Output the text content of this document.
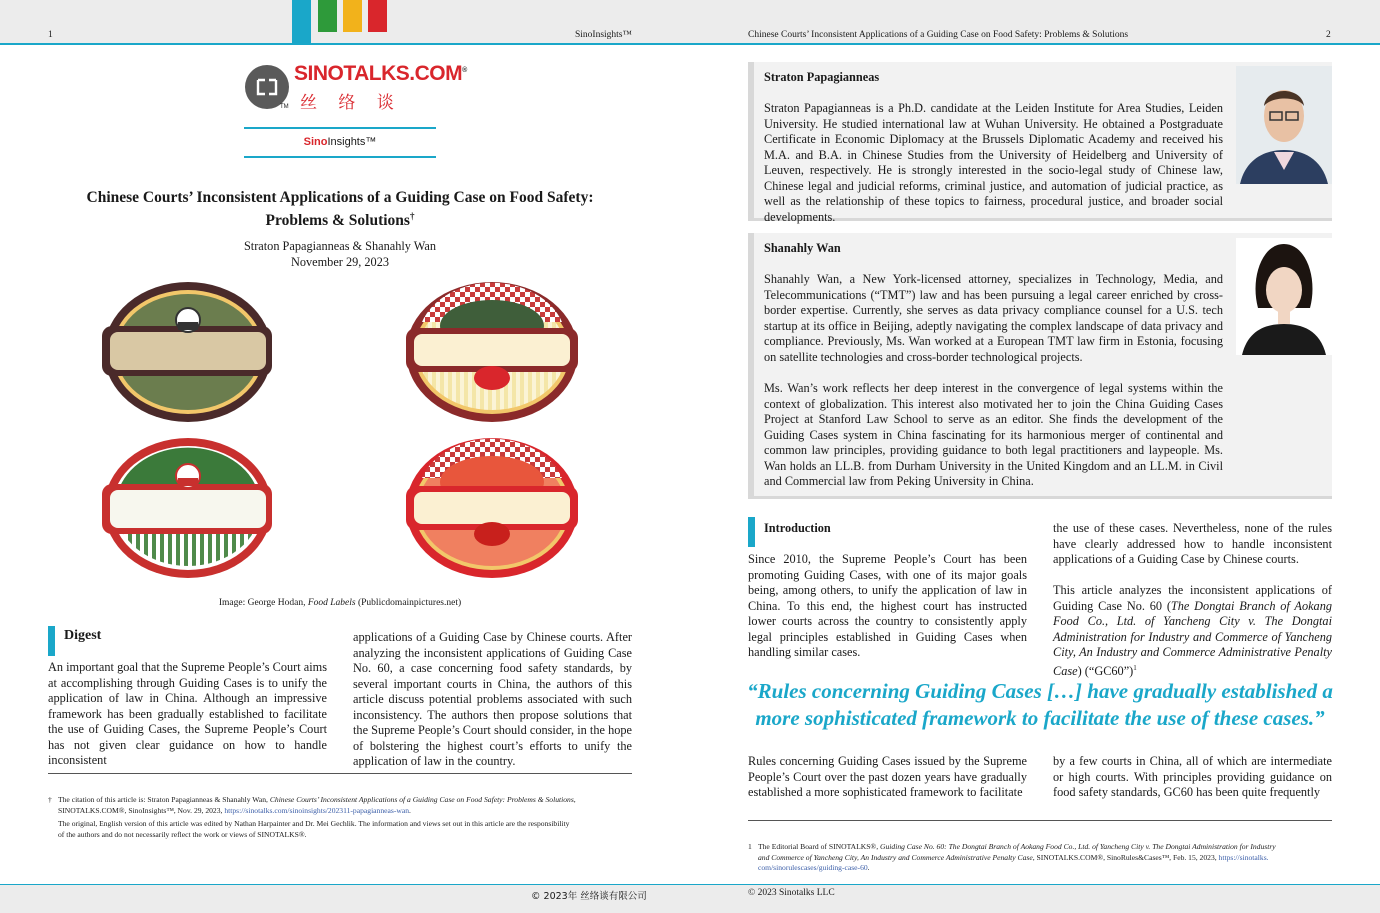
1	SinoInsights™	Chinese Courts’ Inconsistent Applications of a Guiding Case on Food Safety: Problems & Solutions	2
SINOTALKS.COM®
丝 络 谈
TM
SinoInsights™
Chinese Courts’ Inconsistent Applications of a Guiding Case on Food Safety:
Problems & Solutions†
Straton Papagianneas & Shanahly Wan
November 29, 2023
Image: George Hodan, Food Labels (Publicdomainpictures.net)
Digest
An important goal that the Supreme People’s Court aims at accomplishing through Guiding Cases is to unify the application of law in China. Although an impressive framework has been gradually established to facilitate the use of Guiding Cases, the Supreme People’s Court has not given clear guidance on how to handle inconsistent
applications of a Guiding Case by Chinese courts. After analyzing the inconsistent applications of Guiding Case No. 60, a case concerning food safety standards, by several important courts in China, the authors of this article discuss potential problems associated with such inconsistency. The authors then propose solutions that the Supreme People’s Court should consider, in the hope of bolstering the highest court’s efforts to unify the application of law in the country.
† The citation of this article is: Straton Papagianneas & Shanahly Wan, Chinese Courts’ Inconsistent Applications of a Guiding Case on Food Safety: Problems & Solutions,
SINOTALKS.COM®, SinoInsights™, Nov. 29, 2023, https://sinotalks.com/sinoinsights/202311-papagianneas-wan.
The original, English version of this article was edited by Nathan Harpainter and Dr. Mei Gechlik. The information and views set out in this article are the responsibility
of the authors and do not necessarily reflect the work or views of SINOTALKS®.
Straton Papagianneas
Straton Papagianneas is a Ph.D. candidate at the Leiden Institute for Area Studies, Leiden University. He studied international law at Wuhan University. He obtained a Postgraduate Certificate in Economic Diplomacy at the Brussels Diplomatic Academy and received his M.A. and B.A. in Chinese Studies from the University of Heidelberg and University of Leuven, respectively. He is strongly interested in the socio-legal study of Chinese law, Chinese legal and judicial reforms, criminal justice, and automation of judicial practice, as well as the relationship of these topics to fairness, procedural justice, and broader social developments.
Shanahly Wan
Shanahly Wan, a New York-licensed attorney, specializes in Technology, Media, and Telecommunications (“TMT”) law and has been pursuing a legal career enriched by cross-border expertise. Currently, she serves as data privacy compliance counsel for a U.S. tech startup at its office in Beijing, adeptly navigating the complex landscape of data privacy and compliance. Previously, Ms. Wan worked at a European TMT law firm in Estonia, focusing on satellite technologies and cross-border technological projects.
Ms. Wan’s work reflects her deep interest in the convergence of legal systems within the context of globalization. This interest also motivated her to join the China Guiding Cases Project at Stanford Law School to serve as an editor. She finds the development of the Guiding Cases system in China fascinating for its harmonious merger of continental and common law principles, providing guidance to both legal practitioners and laypeople. Ms. Wan holds an LL.B. from Durham University in the United Kingdom and an LL.M. in Civil and Commercial law from Peking University in China.
Introduction
Since 2010, the Supreme People’s Court has been promoting Guiding Cases, with one of its major goals being, among others, to unify the application of law in China. To this end, the highest court has instructed lower courts across the country to consistently apply legal principles established in Guiding Cases when handling similar cases.
the use of these cases. Nevertheless, none of the rules have clearly addressed how to handle inconsistent applications of a Guiding Case by Chinese courts.
This article analyzes the inconsistent applications of Guiding Case No. 60 (The Dongtai Branch of Aokang Food Co., Ltd. of Yancheng City v. The Dongtai Administration for Industry and Commerce of Yancheng City, An Industry and Commerce Administrative Penalty Case) (“GC60”)$^1$
“Rules concerning Guiding Cases […] have gradually established a
more sophisticated framework to facilitate the use of these cases.”
Rules concerning Guiding Cases issued by the Supreme People’s Court over the past dozen years have gradually established a more sophisticated framework to facilitate
by a few courts in China, all of which are intermediate or high courts. With principles providing guidance on food safety standards, GC60 has been quite frequently
1 The Editorial Board of SINOTALKS®, Guiding Case No. 60: The Dongtai Branch of Aokang Food Co., Ltd. of Yancheng City v. The Dongtai Administration for Industry
and Commerce of Yancheng City, An Industry and Commerce Administrative Penalty Case, SINOTALKS.COM®, SinoRules&Cases™, Feb. 15, 2023, https://sinotalks.
com/sinorulescases/guiding-case-60.
© 2023年 丝络谈有限公司	© 2023 Sinotalks LLC
